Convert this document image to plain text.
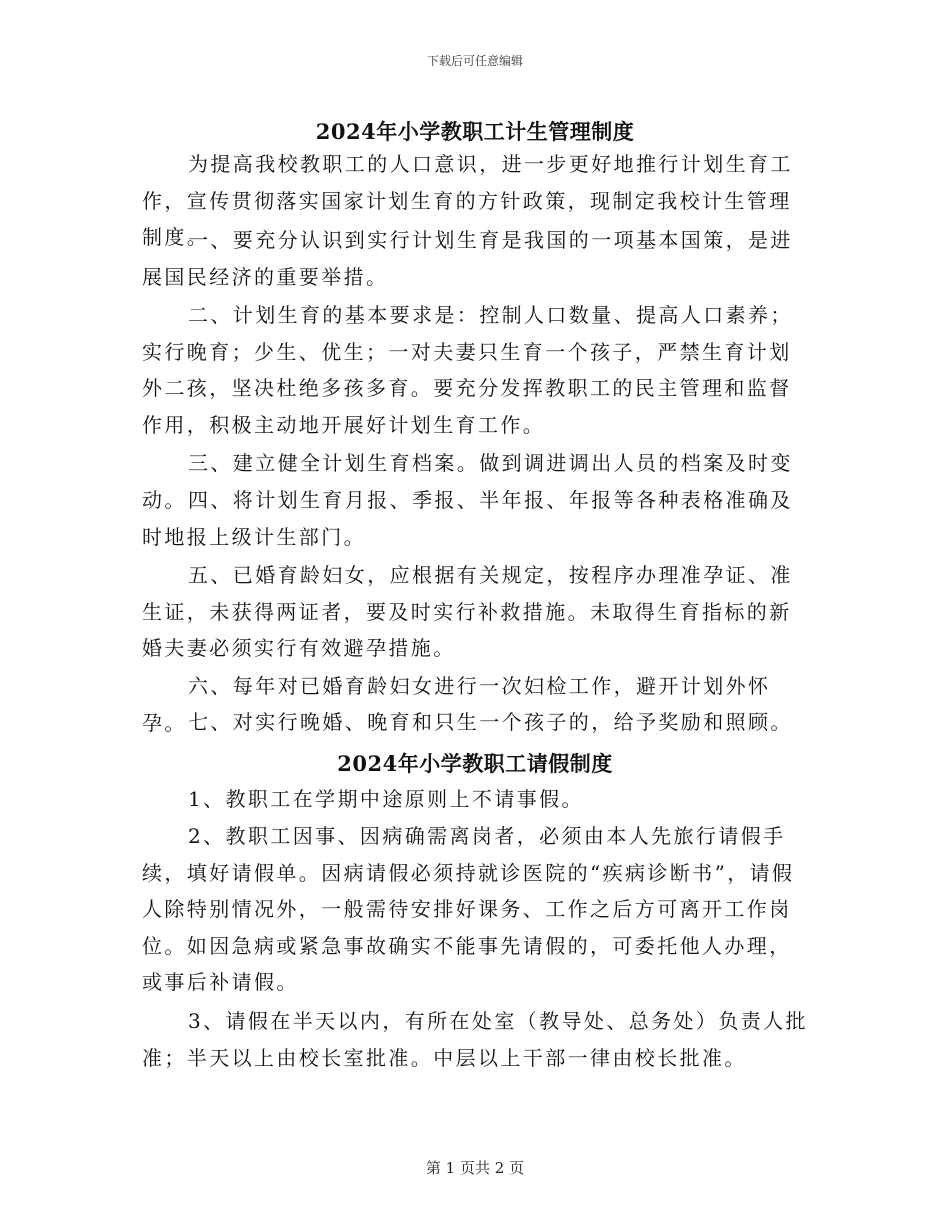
下载后可任意编辑
2024年小学教职工计生管理制度

为提高我校教职工的人口意识，进一步更好地推行计划生育工作，宣传贯彻落实国家计划生育的方针政策，现制定我校计生管理制度。

一、要充分认识到实行计划生育是我国的一项基本国策，是进展国民经济的重要举措。

二、计划生育的基本要求是：控制人口数量、提高人口素养；实行晚育；少生、优生；一对夫妻只生育一个孩子，严禁生育计划外二孩，坚决杜绝多孩多育。要充分发挥教职工的民主管理和监督作用，积极主动地开展好计划生育工作。

三、建立健全计划生育档案。做到调进调出人员的档案及时变动。 四、将计划生育月报、季报、半年报、年报等各种表格准确及时地报上级计生部门。

五、已婚育龄妇女，应根据有关规定，按程序办理准孕证、准生证，未获得两证者，要及时实行补救措施。未取得生育指标的新婚夫妻必须实行有效避孕措施。

六、每年对已婚育龄妇女进行一次妇检工作，避开计划外怀孕。 七、对实行晚婚、晚育和只生一个孩子的，给予奖励和照顾。

2024年小学教职工请假制度

1、教职工在学期中途原则上不请事假。

2、教职工因事、因病确需离岗者，必须由本人先旅行请假手续，填好请假单。因病请假必须持就诊医院的“疾病诊断书”，请假人除特别情况外，一般需待安排好课务、工作之后方可离开工作岗位。如因急病或紧急事故确实不能事先请假的，可委托他人办理，或事后补请假。

3、请假在半天以内，有所在处室（教导处、总务处）负责人批准；半天以上由校长室批准。中层以上干部一律由校长批准。

第 1 页共 2 页
